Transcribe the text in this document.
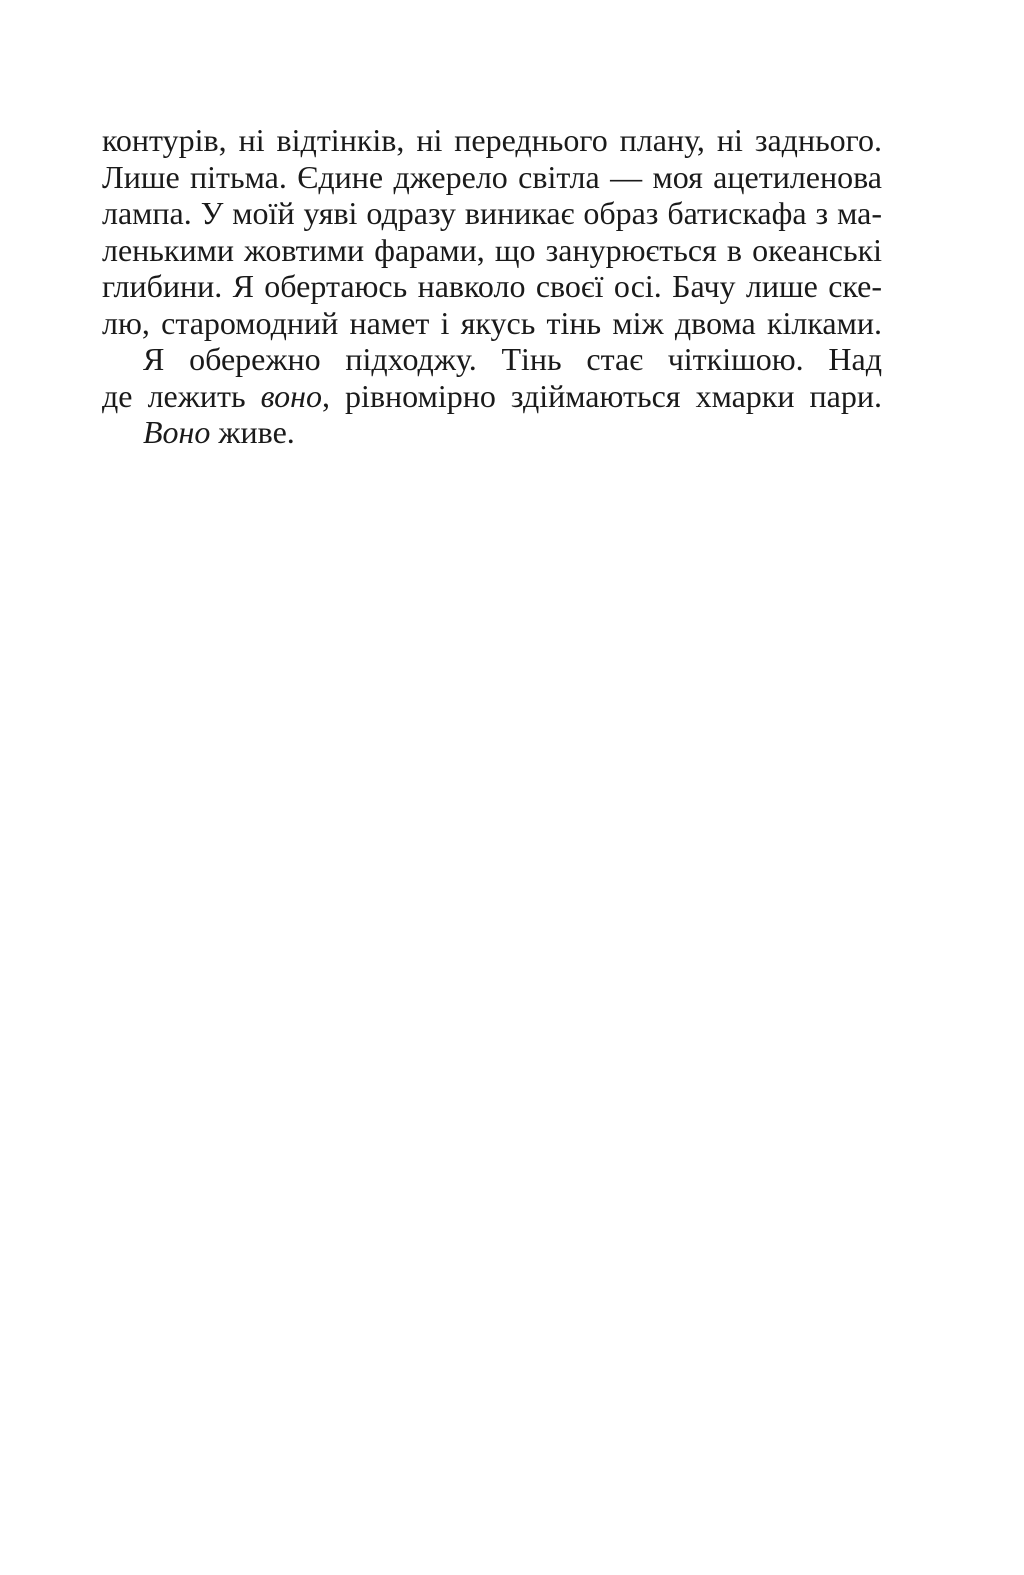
контурів, ні відтінків, ні переднього плану, ні заднього.
Лише пітьма. Єдине джерело світла — моя ацетиленова
лампа. У моїй уяві одразу виникає образ батискафа з ма-
ленькими жовтими фарами, що занурюється в океанські
глибини. Я обертаюсь навколо своєї осі. Бачу лише ске-
лю, старомодний намет і якусь тінь між двома кілками.
Я обережно підходжу. Тінь стає чіткішою. Над
де лежить воно, рівномірно здіймаються хмарки пари.
Воно живе.
